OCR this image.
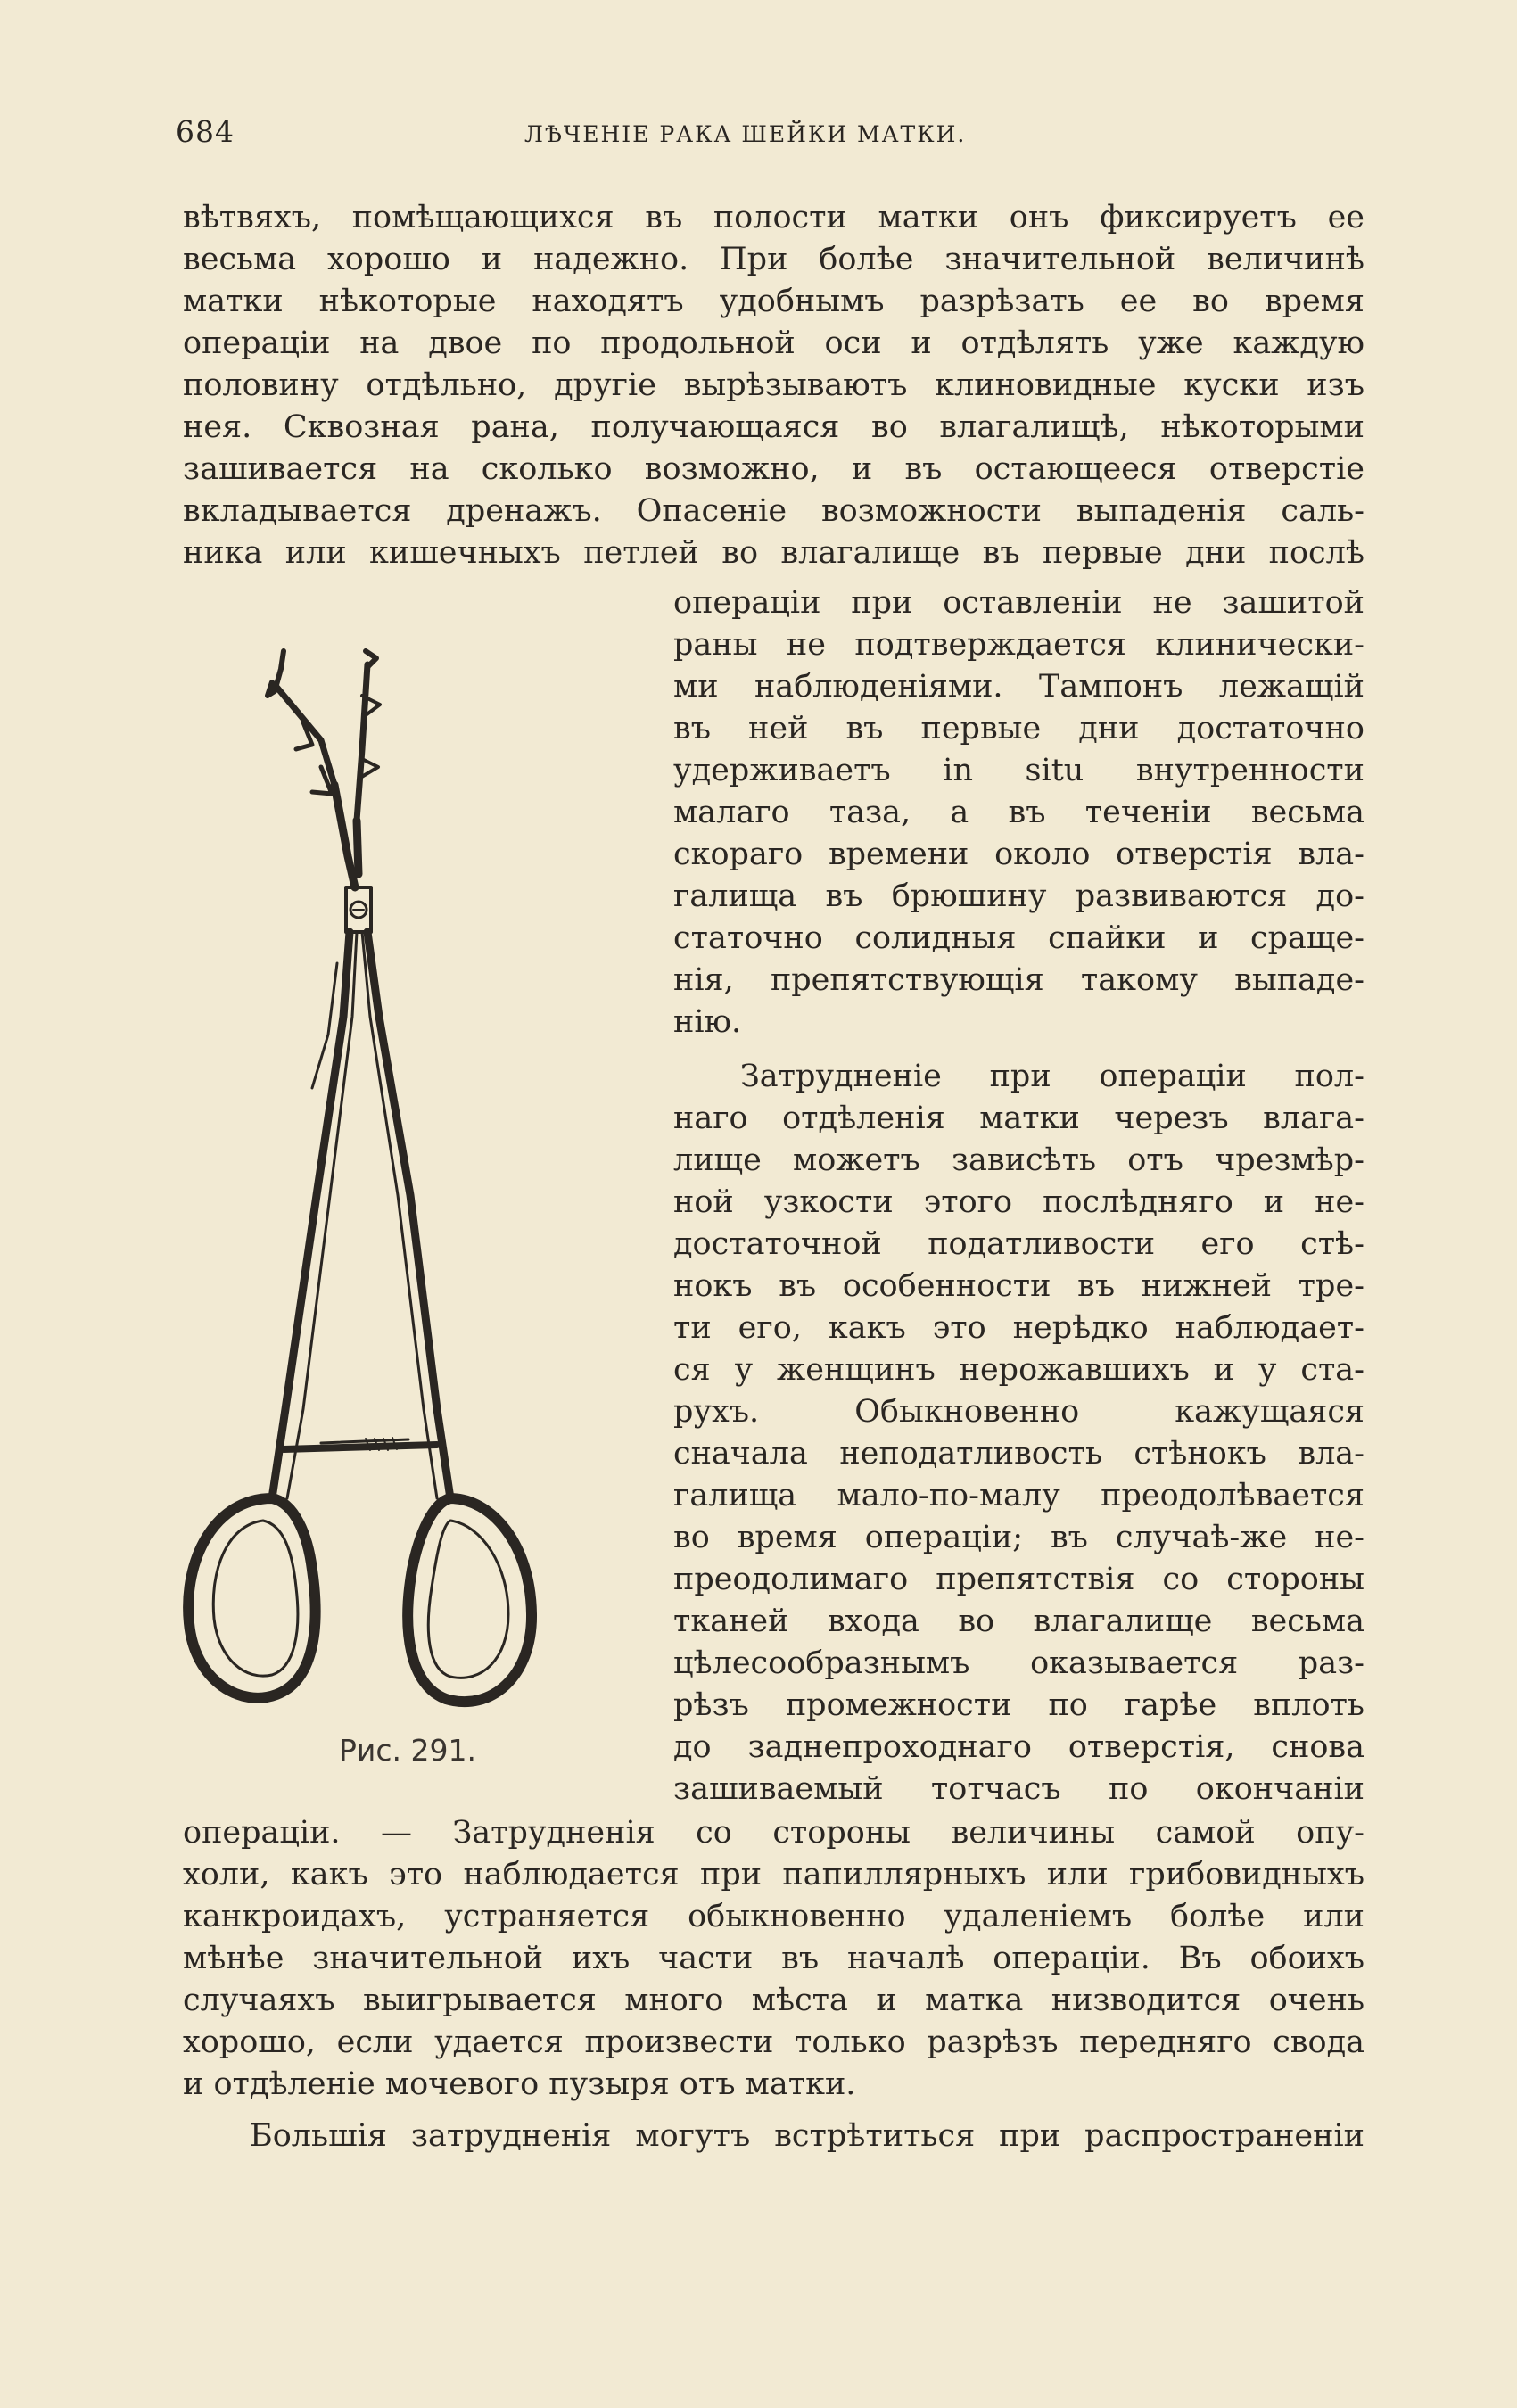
684	ЛѢЧЕНІЕ РАКА ШЕЙКИ МАТКИ.
вѣтвяхъ, помѣщающихся въ полости матки онъ фиксируетъ ее
весьма хорошо и надежно. При болѣе значительной величинѣ
матки нѣкоторые находятъ удобнымъ разрѣзать ее во время
операціи на двое по продольной оси и отдѣлять уже каждую
половину отдѣльно, другіе вырѣзываютъ клиновидные куски изъ
нея. Сквозная рана, получающаяся во влагалищѣ, нѣкоторыми
зашивается на сколько возможно, и въ остающееся отверстіе
вкладывается дренажъ. Опасеніе возможности выпаденія саль-
ника или кишечныхъ петлей во влагалище въ первые дни послѣ
Рис. 291.
операціи при оставленіи не зашитой
раны не подтверждается клинически-
ми наблюденіями. Тампонъ лежащій
въ ней въ первые дни достаточно
удерживаетъ in situ внутренности
малаго таза, а въ теченіи весьма
скораго времени около отверстія вла-
галища въ брюшину развиваются до-
статочно солидныя спайки и сраще-
нія, препятствующія такому выпаде-
нію.
Затрудненіе при операціи пол-
наго отдѣленія матки черезъ влага-
лище можетъ зависѣть отъ чрезмѣр-
ной узкости этого послѣдняго и не-
достаточной податливости его стѣ-
нокъ въ особенности въ нижней тре-
ти его, какъ это нерѣдко наблюдает-
ся у женщинъ нерожавшихъ и у ста-
рухъ. Обыкновенно кажущаяся
сначала неподатливость стѣнокъ вла-
галища мало-по-малу преодолѣвается
во время операціи; въ случаѣ-же не-
преодолимаго препятствія со стороны
тканей входа во влагалище весьма
цѣлесообразнымъ оказывается раз-
рѣзъ промежности по гарѣе вплоть
до заднепроходнаго отверстія, снова
зашиваемый тотчасъ по окончаніи
операціи. — Затрудненія со стороны величины самой опу-
холи, какъ это наблюдается при папиллярныхъ или грибовидныхъ
канкроидахъ, устраняется обыкновенно удаленіемъ болѣе или
мѣнѣе значительной ихъ части въ началѣ операціи. Въ обоихъ
случаяхъ выигрывается много мѣста и матка низводится очень
хорошо, если удается произвести только разрѣзъ передняго свода
и отдѣленіе мочевого пузыря отъ матки.
Большія затрудненія могутъ встрѣтиться при распространеніи
